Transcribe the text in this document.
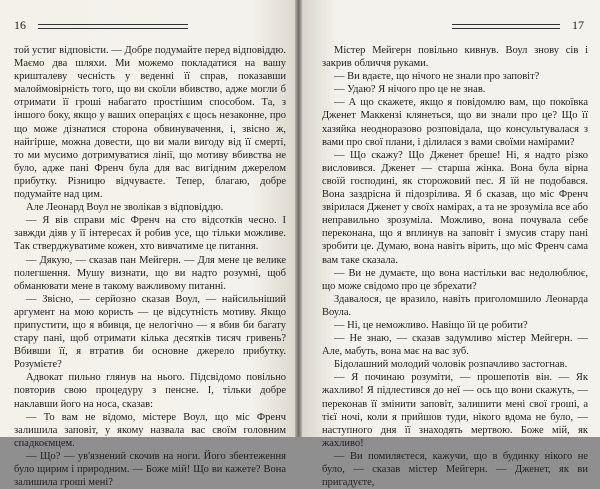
16

той устиг відповісти. — Добре подумайте перед відповіддю. Маємо два шляхи. Ми можемо покладатися на вашу кришталеву чесність у веденні її справ, показавши малоймовірність того, що ви скоїли вбивство, адже могли б отримати її гроші набагато простішим способом. Та, з іншого боку, якщо у ваших операціях є щось незаконне, про що може дізнатися сторона обвинувачення, і, звісно ж, найгірше, можна довести, що ви мали вигоду від її смерті, то ми мусимо дотримуватися лінії, що мотиву вбивства не було, адже пані Френч була для вас вигідним джерелом прибутку. Різницю відчуваєте. Тепер, благаю, добре подумайте над цим.

Але Леонард Воул не зволікав з відповіддю.

— Я вів справи міс Френч на сто відсотків чесно. І завжди діяв у її інтересах й робив усе, що тільки можливе. Так стверджуватиме кожен, хто вивчатиме це питання.

— Дякую, — сказав пан Мейгерн. — Для мене це велике полегшення. Мушу визнати, що ви надто розумні, щоб обманювати мене в такому важливому питанні.

— Звісно, — серйозно сказав Воул, — найсильніший аргумент на мою користь — це відсутність мотиву. Якщо припустити, що я вбивця, це нелогічно — я вбив би багату стару пані, щоб отримати кілька десятків тисяч гривень? Вбивши її, я втратив би основне джерело прибутку. Розумієте?

Адвокат пильно глянув на нього. Підсвідомо повільно повторив свою процедуру з пенсне. І, тільки добре наклавши його на носа, сказав:

— То вам не відомо, містере Воул, що міс Френч залишила заповіт, у якому назвала вас своїм головним спадкоємцем.

— Що? — ув'язнений скочив на ноги. Його збентеження було щирим і природним. — Боже мій! Що ви кажете? Вона залишила гроші мені?

17

Містер Мейгерн повільно кивнув. Воул знову сів і закрив обличчя руками.

— Ви вдаєте, що нічого не знали про заповіт?

— Удаю? Я нічого про це не знав.

— А що скажете, якщо я повідомлю вам, що покоївка Дженет Маккензі клянеться, що ви знали про це? Що її хазяйка неодноразово розповідала, що консультувалася з вами про свої плани, і ділилася з вами своїми намірами?

— Що скажу? Що Дженет бреше! Ні, я надто різко висловився. Дженет — старша жінка. Вона була вірна своїй господині, як сторожовий пес. Я їй не подобався. Вона заздрісна й підозрілива. Я б сказав, що міс Френч звірилася Дженет у своїх намірах, а та не зрозуміла все або неправильно зрозуміла. Можливо, вона почувала себе переконана, що я вплинув на заповіт і змусив стару пані зробити це. Думаю, вона навіть вірить, що міс Френч сама вам таке сказала.

— Ви не думаєте, що вона настільки вас недолюблює, що може свідомо про це збрехати?

Здавалося, це вразило, навіть приголомшило Леонарда Воула.

— Ні, це неможливо. Навіщо їй це робити?

— Не знаю, — сказав задумливо містер Мейгерн. — Але, мабуть, вона має на вас зуб.

Бідолашний молодий чоловік розпачливо застогнав.

— Я починаю розуміти, — прошепотів він. — Як жахливо! Я підлестився до неї — ось що вони скажуть, — переконав її змінити заповіт, залишити мені свої гроші, а тієї ночі, коли я прийшов туди, нікого вдома не було, — наступного дня її знаходять мертвою. Боже мій, як жахливо!

— Ви помиляєтеся, кажучи, що в будинку нікого не було, — сказав містер Мейгерн. — Дженет, як ви пригадуєте,
